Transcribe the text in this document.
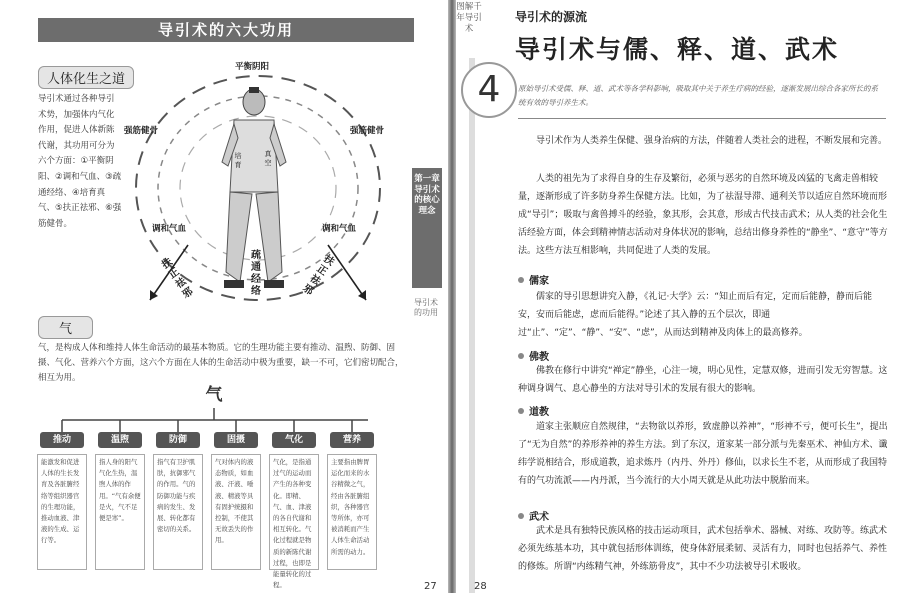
导引术的六大功用
人体化生之道
导引术通过各种导引术势，加强体内气化作用，促进人体新陈代谢，其功用可分为六个方面：①平衡阴阳、②调和气血、③疏通经络、④培育真气、⑤扶正祛邪、⑥强筋健骨。
平衡阴阳
强筋健骨	强筋健骨
调和气血	调和气血
扶正祛邪
扶正祛邪
疏通经络
培育
真空
气
气，是构成人体和维持人体生命活动的最基本物质。它的生理功能主要有推动、温煦、防御、固摄、气化、营养六个方面，这六个方面在人体的生命活动中极为重要，缺一不可，它们密切配合，相互为用。
气
推动	温煦	防御	固摄	气化	营养
能激发和促进人体的生长发育及各脏腑经络等组织器官的生理功能，推动血液、津液的生成、运行等。
指人身的阳气气化生热，温煦人体的作用。“气有余便是火，气不足便是寒”。
指气有卫护肌肤，抗御邪气的作用。气的防御功能与疾病的发生、发展、转化都有密切的关系。
气对体内的液态物质，如血液、汗液、唾液、精液等具有固护统摄和控制，不使其无故丢失的作用。
气化，是指通过气的运动而产生的各种变化。即精、气、血、津液的各自代谢和相互转化。气化过程就是物质的新陈代谢过程，也即是能量转化的过程。
主要指由脾胃运化而来的水谷精微之气，经由各脏腑组织，各种器官等所体，亦可被消耗而产生人体生命活动所需的动力。
第一章 导引术的核心理念
导引术的功用
27
图解千年导引术
导引术的源流
导引术与儒、释、道、武术
4	原始导引术受儒、释、道、武术等各学科影响，吸取其中关于养生疗病的经验，逐渐发展出综合各家所长的系统有效的导引养生术。
导引术作为人类养生保健、强身治病的方法，伴随着人类社会的进程，不断发展和完善。
人类的祖先为了求得自身的生存及繁衍，必须与恶劣的自然环境及凶猛的飞禽走兽相较量，逐渐形成了许多防身养生保健方法。比如，为了祛湿导滞、通利关节以适应自然环境而形成“导引”；吸取与禽兽搏斗的经验，象其形，会其意，形成古代技击武术；从人类的社会化生活经验方面，体会到精神情志活动对身体状况的影响，总结出修身养性的“静坐”、“意守”等方法。这些方法互相影响，共同促进了人类的发展。
儒家
儒家的导引思想讲究入静，《礼记·大学》云：“知止而后有定，定而后能静，静而后能安，安而后能虑，虑而后能得。”论述了其入静的五个层次，即通过“止”、“定”、“静”、“安”、“虑”，从而达到精神及肉体上的最高修养。
佛教
佛教在修行中讲究“禅定”静坐，心注一境，明心见性，定慧双修，进而引发无穷智慧。这种调身调气、息心静坐的方法对导引术的发展有很大的影响。
道教
道家主张顺应自然规律，“去物欲以养形，致虚静以养神”，“形神不亏，便可长生”，提出了“无为自然”的养形养神的养生方法。到了东汉，道家某一部分派与先秦巫术、神仙方术、谶纬学说相结合，形成道教，追求炼丹（内丹、外丹）修仙，以求长生不老，从而形成了我国特有的气功流派——内丹派，当今流行的大小周天就是从此功法中脱胎而来。
武术
武术是具有独特民族风格的技击运动项目，武术包括拳术、器械、对练、攻防等。练武术必须先练基本功，其中就包括形体训练，使身体舒展柔韧、灵活有力，同时也包括养气、养性的修炼。所谓“内练精气神，外练筋骨皮”，其中不少功法被导引术吸收。
28
